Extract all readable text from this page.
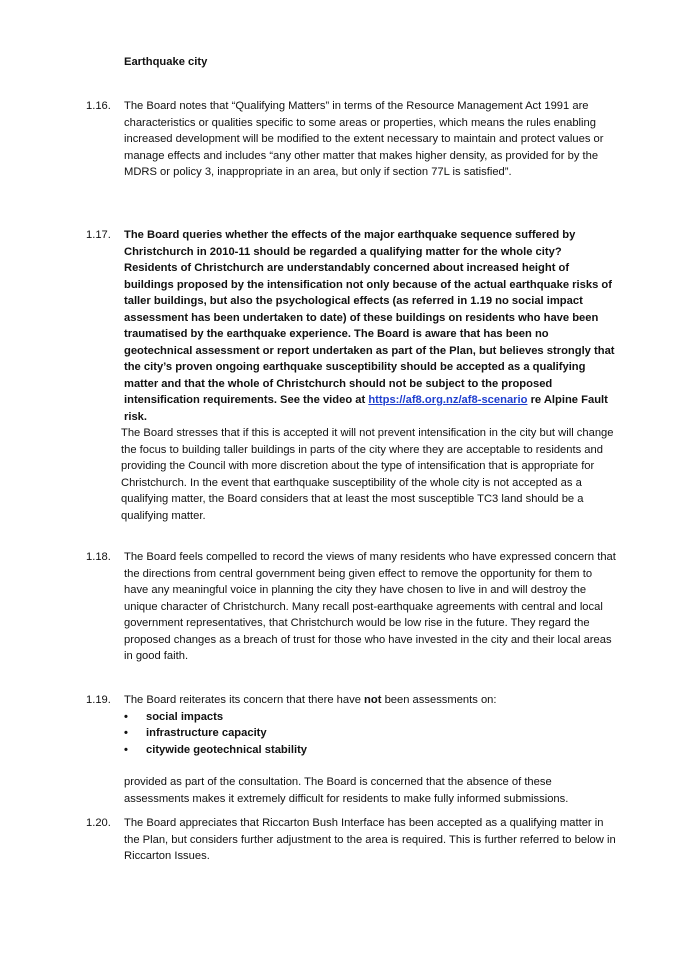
Earthquake city
1.16.	The Board notes that “Qualifying Matters” in terms of the Resource Management Act 1991 are characteristics or qualities specific to some areas or properties, which means the rules enabling increased development will be modified to the extent necessary to maintain and protect values or manage effects and includes “any other matter that makes higher density, as provided for by the MDRS or policy 3, inappropriate in an area, but only if section 77L is satisfied”.

1.17.	The Board queries whether the effects of the major earthquake sequence suffered by Christchurch in 2010-11 should be regarded a qualifying matter for the whole city? Residents of Christchurch are understandably concerned about increased height of buildings proposed by the intensification not only because of the actual earthquake risks of taller buildings, but also the psychological effects (as referred in 1.19 no social impact assessment has been undertaken to date) of these buildings on residents who have been traumatised by the earthquake experience. The Board is aware that has been no geotechnical assessment or report undertaken as part of the Plan, but believes strongly that the city’s proven ongoing earthquake susceptibility should be accepted as a qualifying matter and that the whole of Christchurch should not be subject to the proposed intensification requirements. See the video at https://af8.org.nz/af8-scenario re Alpine Fault risk.

The Board stresses that if this is accepted it will not prevent intensification in the city but will change the focus to building taller buildings in parts of the city where they are acceptable to residents and providing the Council with more discretion about the type of intensification that is appropriate for Christchurch. In the event that earthquake susceptibility of the whole city is not accepted as a qualifying matter, the Board considers that at least the most susceptible TC3 land should be a qualifying matter.

1.18.	The Board feels compelled to record the views of many residents who have expressed concern that the directions from central government being given effect to remove the opportunity for them to have any meaningful voice in planning the city they have chosen to live in and will destroy the unique character of Christchurch. Many recall post-earthquake agreements with central and local government representatives, that Christchurch would be low rise in the future. They regard the proposed changes as a breach of trust for those who have invested in the city and their local areas in good faith.

1.19.	The Board reiterates its concern that there have not been assessments on:

• social impacts
• infrastructure capacity
• citywide geotechnical stability

provided as part of the consultation. The Board is concerned that the absence of these assessments makes it extremely difficult for residents to make fully informed submissions.

1.20.	The Board appreciates that Riccarton Bush Interface has been accepted as a qualifying matter in the Plan, but considers further adjustment to the area is required. This is further referred to below in Riccarton Issues.
